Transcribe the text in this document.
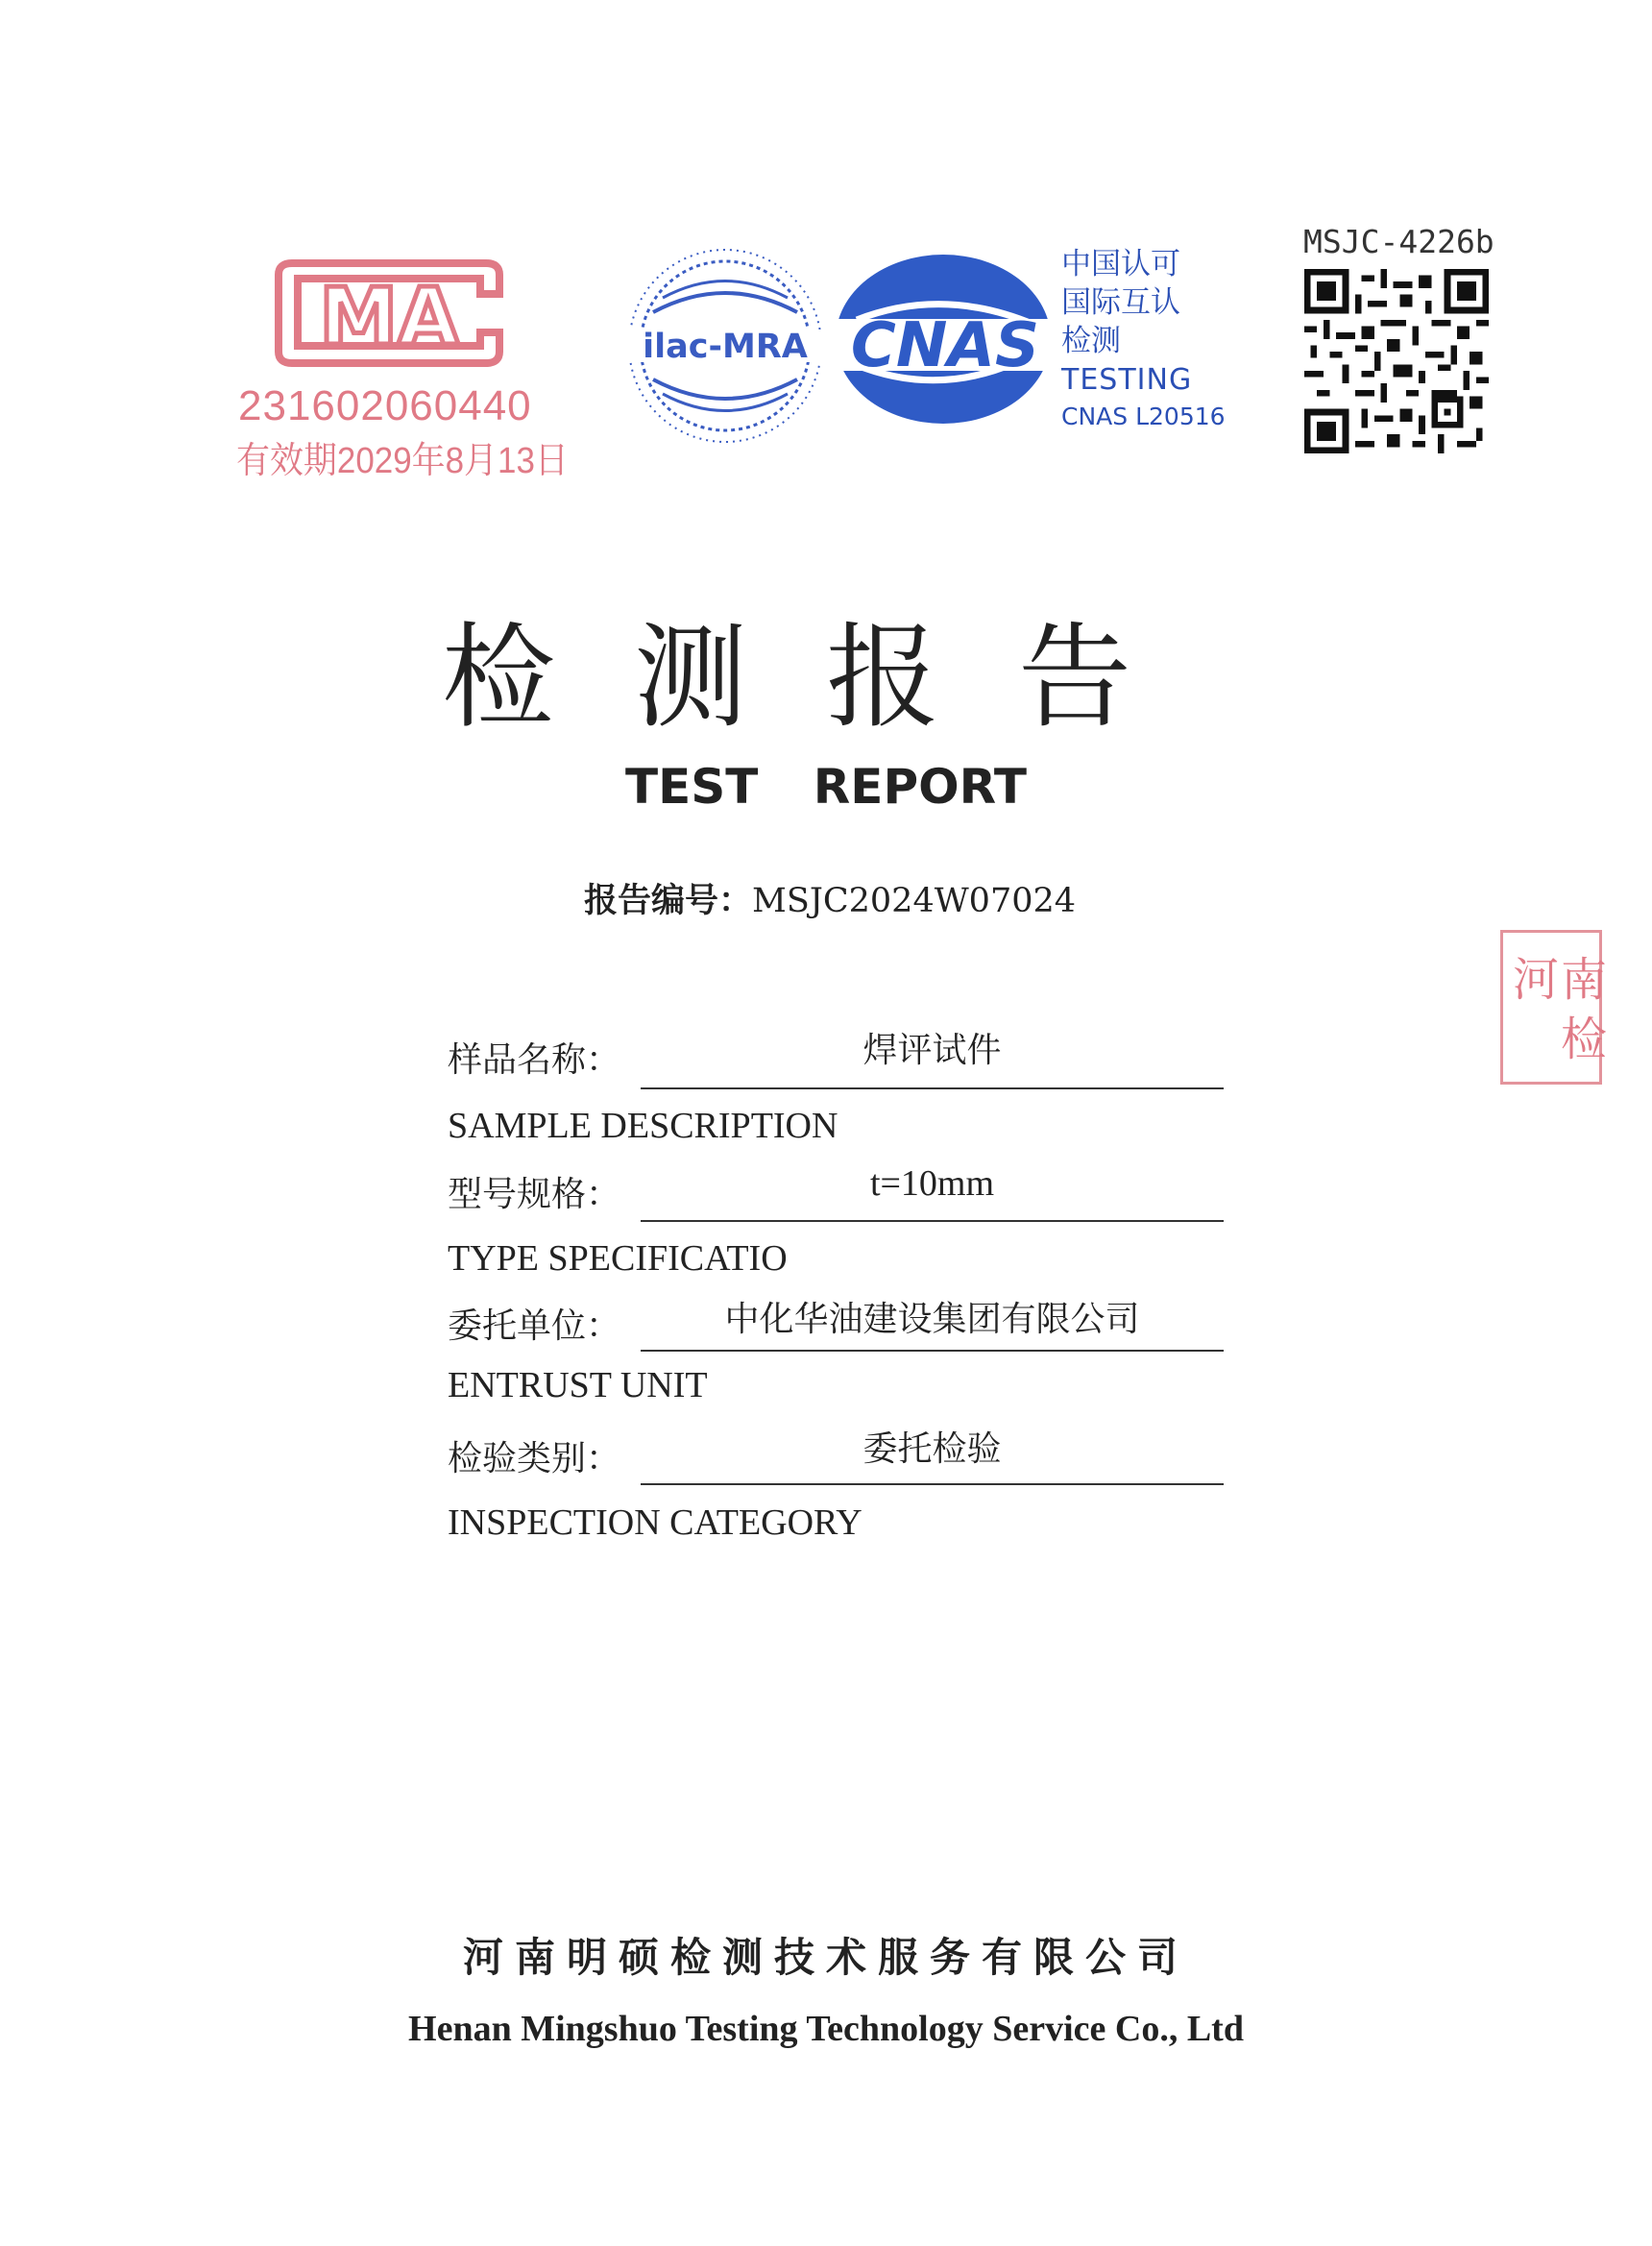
MA
231602060440
有效期2029年8月13日
ilac-MRA CNAS
中国认可
国际互认
检测
TESTING
CNAS L20516
MSJC-4226b
检测报告
TEST REPORT
报告编号：MSJC2024W07024
河南
检
样品名称：	焊评试件
SAMPLE DESCRIPTION
型号规格：	t=10mm
TYPE SPECIFICATIO
委托单位：	中化华油建设集团有限公司
ENTRUST UNIT
检验类别：	委托检验
INSPECTION CATEGORY
河南明硕检测技术服务有限公司
Henan Mingshuo Testing Technology Service Co., Ltd
